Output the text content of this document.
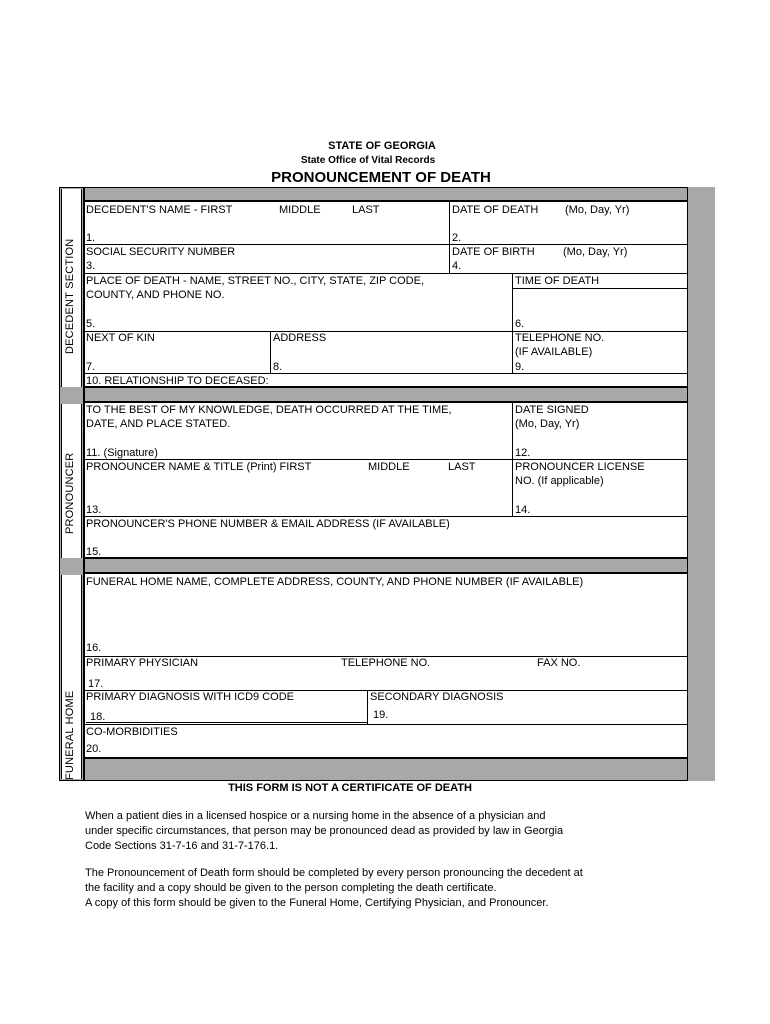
STATE OF GEORGIA
State Office of Vital Records
PRONOUNCEMENT OF DEATH
DECEDENT SECTION
PRONOUNCER
FUNERAL HOME
DECEDENT'S NAME - FIRST	MIDDLE	LAST	DATE OF DEATH (Mo, Day, Yr)
1.	2.
SOCIAL SECURITY NUMBER	DATE OF BIRTH	(Mo, Day, Yr)
3.	4.
PLACE OF DEATH - NAME, STREET NO., CITY, STATE, ZIP CODE,
COUNTY, AND PHONE NO.
TIME OF DEATH
5.	6.
NEXT OF KIN	ADDRESS	TELEPHONE NO.
(IF AVAILABLE)
7.	8.	9.
10. RELATIONSHIP TO DECEASED:
TO THE BEST OF MY KNOWLEDGE, DEATH OCCURRED AT THE TIME,
DATE, AND PLACE STATED.
DATE SIGNED
(Mo, Day, Yr)
11. (Signature)	12.
PRONOUNCER NAME & TITLE (Print) FIRST	MIDDLE	LAST	PRONOUNCER LICENSE
NO. (If applicable)
13.	14.
PRONOUNCER'S PHONE NUMBER & EMAIL ADDRESS (IF AVAILABLE)
15.
FUNERAL HOME NAME, COMPLETE ADDRESS, COUNTY, AND PHONE NUMBER (IF AVAILABLE)
16.
PRIMARY PHYSICIAN	TELEPHONE NO.	FAX NO.
17.
PRIMARY DIAGNOSIS WITH ICD9 CODE	SECONDARY DIAGNOSIS
18.	19.
CO-MORBIDITIES
20.
THIS FORM IS NOT A CERTIFICATE OF DEATH
When a patient dies in a licensed hospice or a nursing home in the absence of a physician and
under specific circumstances, that person may be pronounced dead as provided by law in Georgia
Code Sections 31-7-16 and 31-7-176.1.
The Pronouncement of Death form should be completed by every person pronouncing the decedent at
the facility and a copy should be given to the person completing the death certificate.
A copy of this form should be given to the Funeral Home, Certifying Physician, and Pronouncer.
